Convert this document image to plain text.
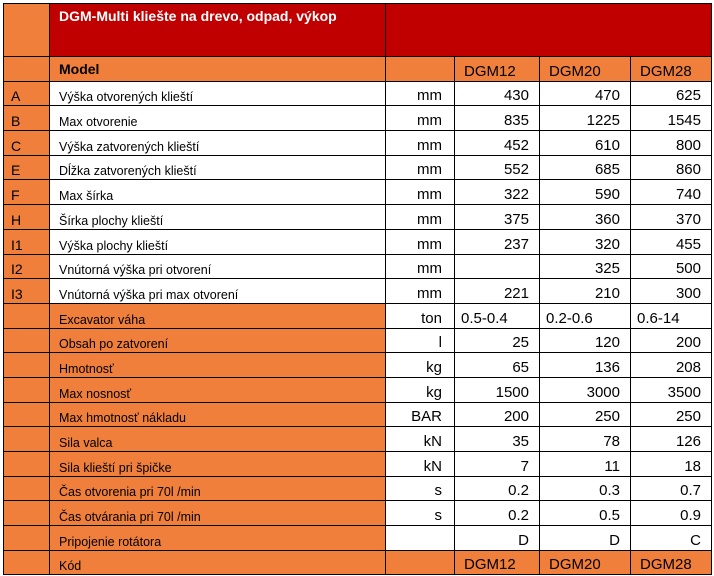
	DGM-Multi kliešte na drevo, odpad, výkop				
	Model		DGM12	DGM20	DGM28
A	Výška otvorených klieští	mm	430	470	625
B	Max otvorenie	mm	835	1225	1545
C	Výška zatvorených klieští	mm	452	610	800
E	Dĺžka zatvorených klieští	mm	552	685	860
F	Max šírka	mm	322	590	740
H	Šírka plochy klieští	mm	375	360	370
I1	Výška plochy klieští	mm	237	320	455
I2	Vnútorná výška pri otvorení	mm		325	500
I3	Vnútorná výška pri max otvorení	mm	221	210	300
	Excavator váha	ton	0.5-0.4	0.2-0.6	0.6-14
	Obsah po zatvorení	l	25	120	200
	Hmotnosť	kg	65	136	208
	Max nosnosť	kg	1500	3000	3500
	Max hmotnosť nákladu	BAR	200	250	250
	Sila valca	kN	35	78	126
	Sila klieští pri špičke	kN	7	11	18
	Čas otvorenia pri 70l /min	s	0.2	0.3	0.7
	Čas otvárania pri 70l /min	s	0.2	0.5	0.9
	Pripojenie rotátora		D	D	C
	Kód		DGM12	DGM20	DGM28
